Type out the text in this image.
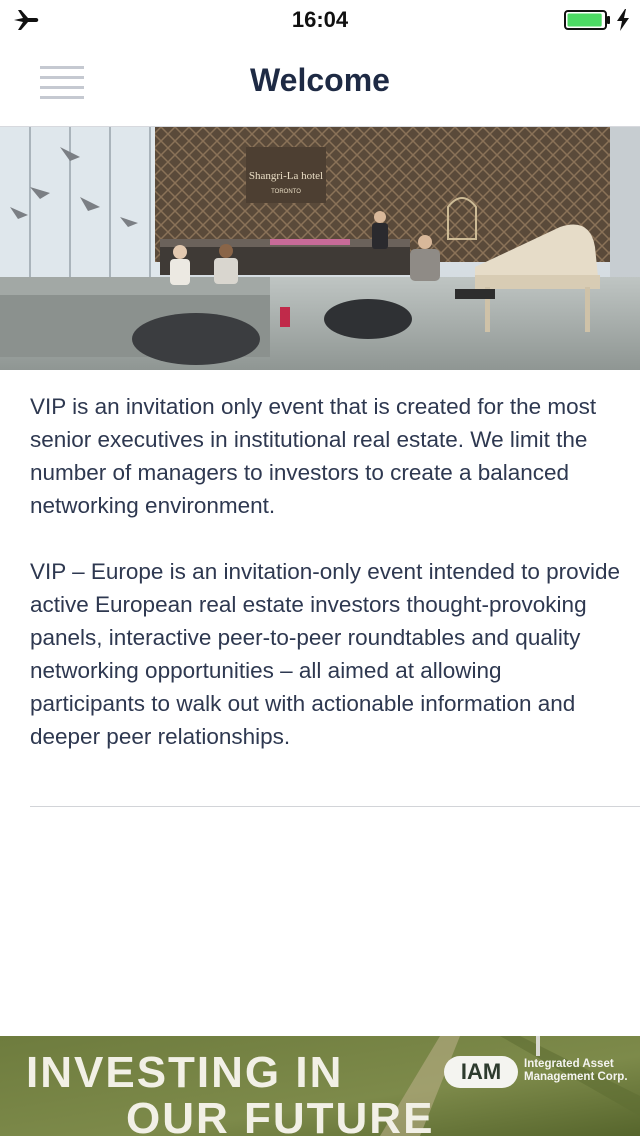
16:04
Welcome
Shangri-La hotel
TORONTO

VIP is an invitation only event that is created for the most senior executives in institutional real estate. We limit the number of managers to investors to create a balanced networking environment.

VIP – Europe is an invitation-only event intended to provide active European real estate investors thought-provoking panels, interactive peer-to-peer roundtables and quality networking opportunities – all aimed at allowing participants to walk out with actionable information and deeper peer relationships.

INVESTING IN
OUR FUTURE
IAM	Integrated Asset
Management Corp.
